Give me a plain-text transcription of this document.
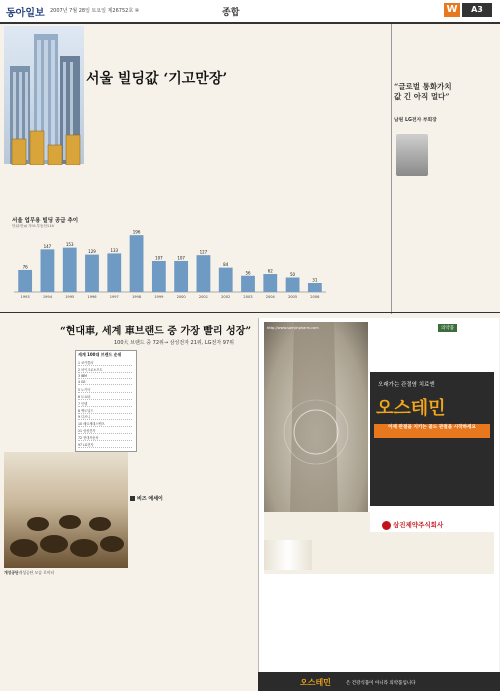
동아일보 2007년 7월 28일 토요일 제26752호 ④	종합	W	A3
서울 빌딩값 ‘기고만장’
서울 업무용 빌딩 공급 추이
단위:만㎡ 자료:부동산114
76
1993
147
1994
153
1995
129
1996
133
1997
196
1998
107
1999
107
2000
127
2001
84
2002
56
2003
62
2004
50
2005
31
2006
“글로벌 통화가치
값 긴 아직 멀다”
남원 LG전자 부회장
“현대車, 세계 車브랜드 중 가장 빨리 성장”
100大 브랜드 중 72위→ 삼성전자 21위, LG전자 97위
세계 100대 브랜드 순위
1 코카콜라
2 마이크로소프트
3 IBM
4 GE
5 노키아
6 도요타
7 인텔
8 맥도널드
9 디즈니
10 메르세데스벤츠
21 삼성전자
72 현대자동차
97 LG전자
개성공단개성공단 모습 로이터
비즈 에세이
http://www.samjinpharm.com	의약품
오래가는 관절염 치료엔
오스테민
이제 관절을 지키는 골드 관절을 시작하세요
삼진제약주식회사
오스테민	은 건강식품이 아니라 의약품입니다
